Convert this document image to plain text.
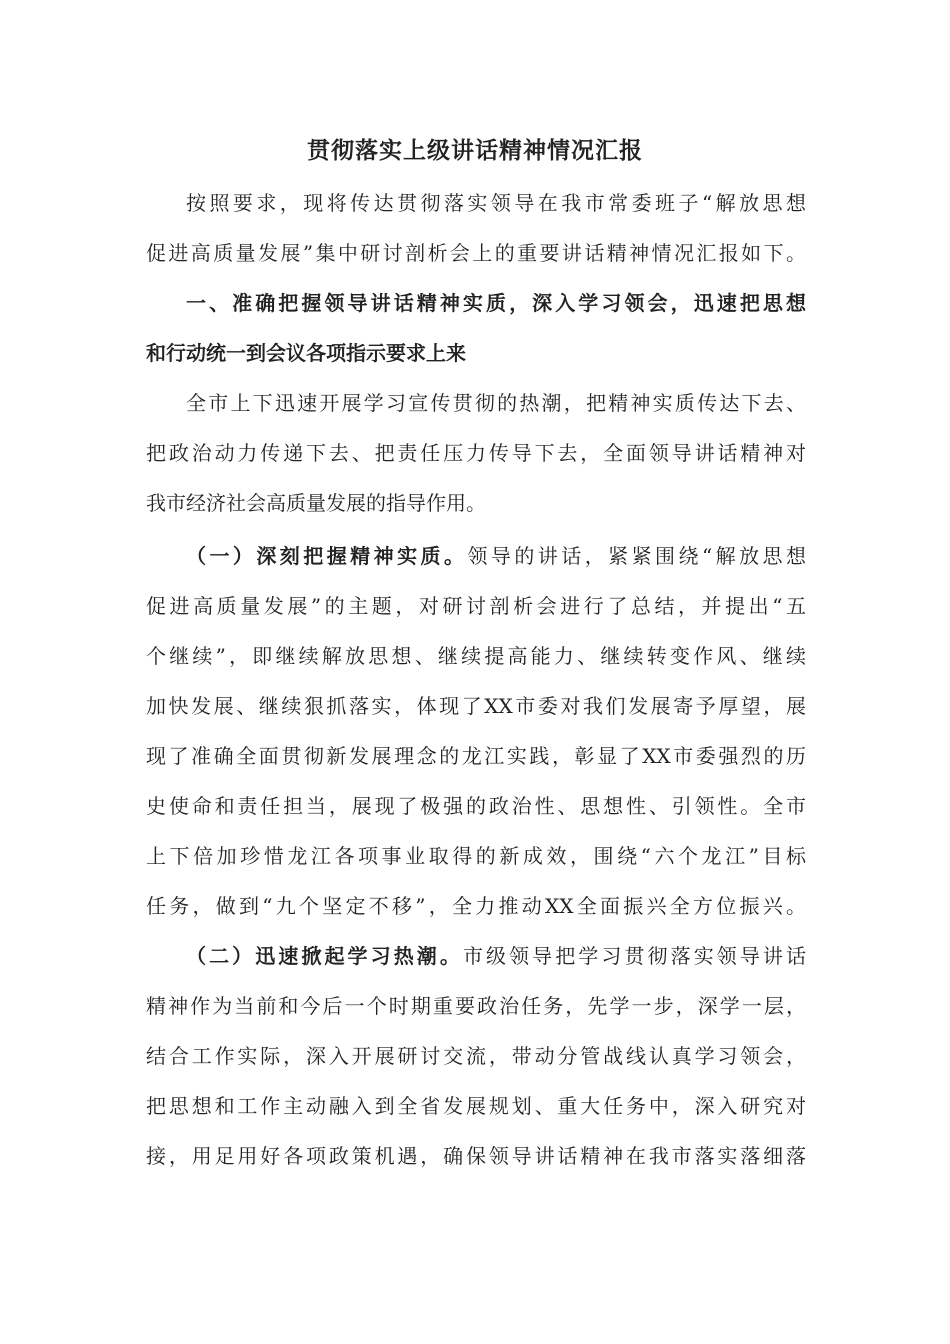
贯彻落实上级讲话精神情况汇报
按照要求，现将传达贯彻落实领导在我市常委班子“解放思想
促进高质量发展”集中研讨剖析会上的重要讲话精神情况汇报如下。
一、准确把握领导讲话精神实质，深入学习领会，迅速把思想
和行动统一到会议各项指示要求上来
全市上下迅速开展学习宣传贯彻的热潮，把精神实质传达下去、
把政治动力传递下去、把责任压力传导下去，全面领导讲话精神对
我市经济社会高质量发展的指导作用。
（一）深刻把握精神实质。领导的讲话，紧紧围绕“解放思想
促进高质量发展”的主题，对研讨剖析会进行了总结，并提出“五
个继续”，即继续解放思想、继续提高能力、继续转变作风、继续
加快发展、继续狠抓落实，体现了XX市委对我们发展寄予厚望，展
现了准确全面贯彻新发展理念的龙江实践，彰显了XX市委强烈的历
史使命和责任担当，展现了极强的政治性、思想性、引领性。全市
上下倍加珍惜龙江各项事业取得的新成效，围绕“六个龙江”目标
任务，做到“九个坚定不移”，全力推动XX全面振兴全方位振兴。
（二）迅速掀起学习热潮。市级领导把学习贯彻落实领导讲话
精神作为当前和今后一个时期重要政治任务，先学一步，深学一层，
结合工作实际，深入开展研讨交流，带动分管战线认真学习领会，
把思想和工作主动融入到全省发展规划、重大任务中，深入研究对
接，用足用好各项政策机遇，确保领导讲话精神在我市落实落细落
